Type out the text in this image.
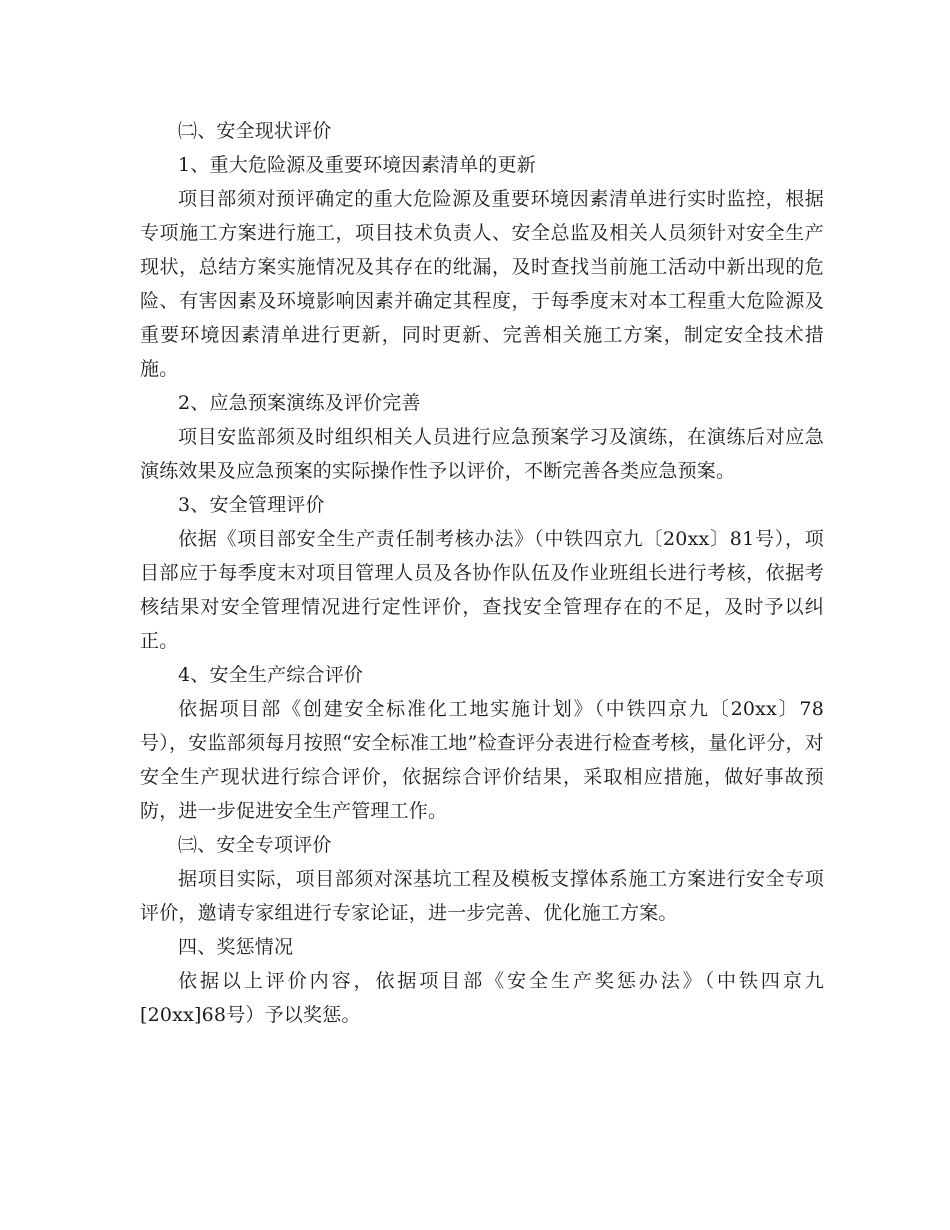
㈡、安全现状评价

1、重大危险源及重要环境因素清单的更新

项目部须对预评确定的重大危险源及重要环境因素清单进行实时监控，根据专项施工方案进行施工，项目技术负责人、安全总监及相关人员须针对安全生产现状，总结方案实施情况及其存在的纰漏，及时查找当前施工活动中新出现的危险、有害因素及环境影响因素并确定其程度，于每季度末对本工程重大危险源及重要环境因素清单进行更新，同时更新、完善相关施工方案，制定安全技术措施。

2、应急预案演练及评价完善

项目安监部须及时组织相关人员进行应急预案学习及演练，在演练后对应急演练效果及应急预案的实际操作性予以评价，不断完善各类应急预案。

3、安全管理评价

依据《项目部安全生产责任制考核办法》（中铁四京九〔20xx〕81号），项目部应于每季度末对项目管理人员及各协作队伍及作业班组长进行考核，依据考核结果对安全管理情况进行定性评价，查找安全管理存在的不足，及时予以纠正。

4、安全生产综合评价

依据项目部《创建安全标准化工地实施计划》（中铁四京九〔20xx〕78号），安监部须每月按照“安全标准工地”检查评分表进行检查考核，量化评分，对安全生产现状进行综合评价，依据综合评价结果，采取相应措施，做好事故预防，进一步促进安全生产管理工作。

㈢、安全专项评价

据项目实际，项目部须对深基坑工程及模板支撑体系施工方案进行安全专项评价，邀请专家组进行专家论证，进一步完善、优化施工方案。

四、奖惩情况

依据以上评价内容，依据项目部《安全生产奖惩办法》（中铁四京九[20xx]68号）予以奖惩。
